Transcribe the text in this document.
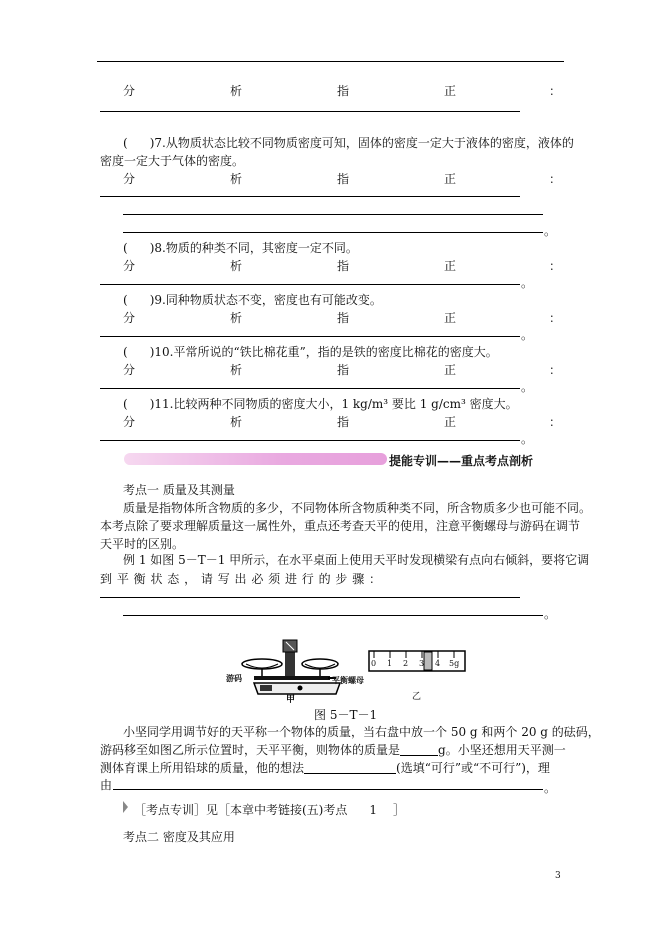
分	析	指	正	：
( )7.从物质状态比较不同物质密度可知，固体的密度一定大于液体的密度，液体的
密度一定大于气体的密度。
分	析	指	正	：
。
( )8.物质的种类不同，其密度一定不同。
分	析	指	正	：
。
( )9.同种物质状态不变，密度也有可能改变。
分	析	指	正	：
。
( )10.平常所说的“铁比棉花重”，指的是铁的密度比棉花的密度大。
分	析	指	正	：
。
( )11.比较两种不同物质的密度大小，1 kg/m³ 要比 1 g/cm³ 密度大。
分	析	指	正	：
。
提能专训——重点考点剖析
考点一 质量及其测量
质量是指物体所含物质的多少，不同物体所含物质种类不同，所含物质多少也可能不同。
本考点除了要求理解质量这一属性外，重点还考查天平的使用，注意平衡螺母与游码在调节
天平时的区别。
例 1 如图 5－T－1 甲所示，在水平桌面上使用天平时发现横梁有点向右倾斜，要将它调
到 平 衡 状 态 ， 请 写 出 必 须 进 行 的 步 骤 ：
。
游码	平衡螺母
甲
0 1 2 3 4 5g
乙
图 5－T－1
小坚同学用调节好的天平称一个物体的质量，当右盘中放一个 50 g 和两个 20 g 的砝码，
游码移至如图乙所示位置时，天平平衡，则物体的质量是	g。小坚还想用天平测一
测体育课上所用铅球的质量，他的想法	(选填“可行”或“不可行”)，理
由	。
［考点专训］见［本章中考链接(五)考点 1 ］
考点二 密度及其应用
3
